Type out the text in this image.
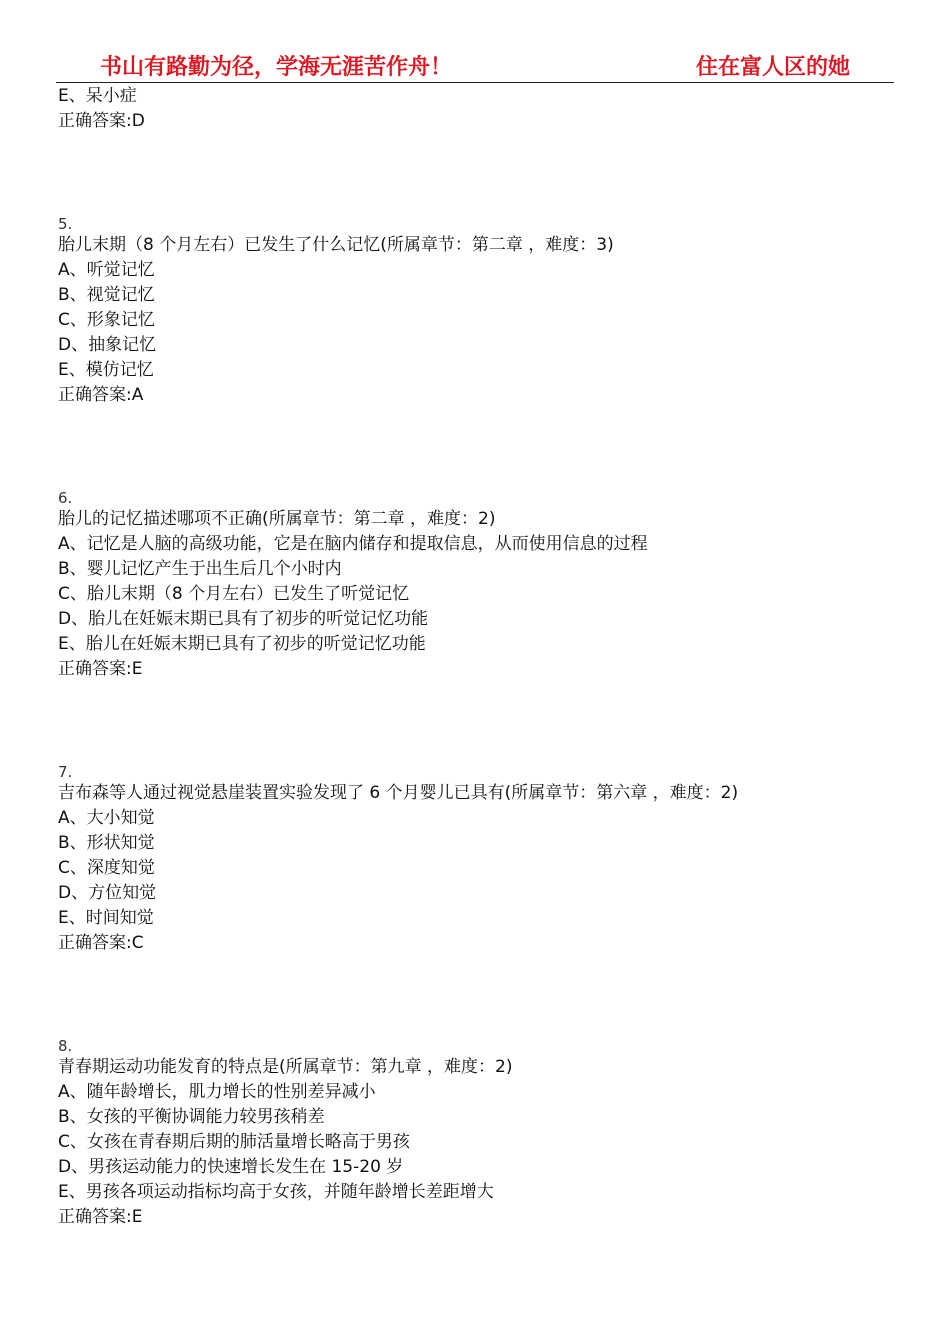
书山有路勤为径，学海无涯苦作舟！	住在富人区的她
E、呆小症
正确答案:D
5.
胎儿末期（8 个月左右）已发生了什么记忆(所属章节：第二章 ，难度：3)
A、听觉记忆
B、视觉记忆
C、形象记忆
D、抽象记忆
E、模仿记忆
正确答案:A
6.
胎儿的记忆描述哪项不正确(所属章节：第二章 ，难度：2)
A、记忆是人脑的高级功能，它是在脑内储存和提取信息，从而使用信息的过程
B、婴儿记忆产生于出生后几个小时内
C、胎儿末期（8 个月左右）已发生了听觉记忆
D、胎儿在妊娠末期已具有了初步的听觉记忆功能
E、胎儿在妊娠末期已具有了初步的听觉记忆功能
正确答案:E
7.
吉布森等人通过视觉悬崖装置实验发现了 6 个月婴儿已具有(所属章节：第六章 ，难度：2)
A、大小知觉
B、形状知觉
C、深度知觉
D、方位知觉
E、时间知觉
正确答案:C
8.
青春期运动功能发育的特点是(所属章节：第九章 ，难度：2)
A、随年龄增长，肌力增长的性别差异减小
B、女孩的平衡协调能力较男孩稍差
C、女孩在青春期后期的肺活量增长略高于男孩
D、男孩运动能力的快速增长发生在 15-20 岁
E、男孩各项运动指标均高于女孩，并随年龄增长差距增大
正确答案:E
